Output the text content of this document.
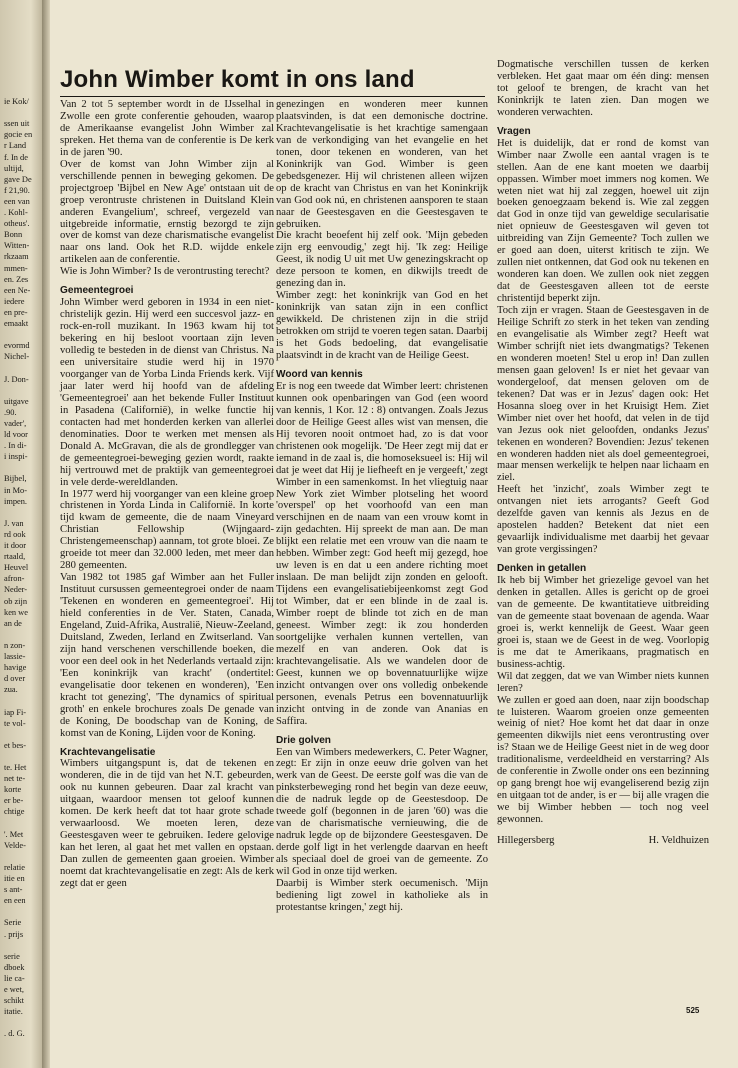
ie Kok/
ssen uit
gocie en
r Land
f. In de
ultijd,
gave De
f 21,90.
een van
. Kohl-
otheus'.
Bonn
Witten-
rkzaam
mmen-
en. Zes
een Ne-
iedere
en pre-
emaakt
evormd
Nichel-
J. Don-
uitgave
.90.
vader',
ld voor
. In di-
i inspi-
Bijbel,
in Mo-
impen.
J. van
rd ook
it door
rtaald,
Heuvel
afron-
Neder-
ob zijn
ken we
an de
n zon-
lassie-
havige
d over
zua.
iap Fi-
te vol-
et bes-
te. Het
net te-
korte
er be-
chtige
'. Met
Velde-
relatie
itie en
s ant-
en een
Serie
. prijs
serie
dboek
lie ca-
e wet,
schikt
itatie.
. d. G.
John Wimber komt in ons land

Van 2 tot 5 september wordt in de IJsselhal in Zwolle een grote conferentie gehouden, waarop de Amerikaanse evangelist John Wimber zal spreken. Het thema van de conferentie is De kerk in de jaren '90.

Over de komst van John Wimber zijn al verschillende pennen in beweging gekomen. De projectgroep 'Bijbel en New Age' ontstaan uit de groep verontruste christenen in Duitsland Klein anderen Evangelium', schreef, vergezeld van uitgebreide informatie, ernstig bezorgd te zijn over de komst van deze charismatische evangelist naar ons land. Ook het R.D. wijdde enkele artikelen aan de conferentie.

Wie is John Wimber? Is de verontrusting terecht?

Gemeentegroei

John Wimber werd geboren in 1934 in een niet-christelijk gezin. Hij werd een succesvol jazz- en rock-en-roll muzikant. In 1963 kwam hij tot bekering en hij besloot voortaan zijn leven volledig te besteden in de dienst van Christus. Na een universitaire studie werd hij in 1970 voorganger van de Yorba Linda Friends kerk. Vijf jaar later werd hij hoofd van de afdeling 'Gemeentegroei' aan het bekende Fuller Instituut in Pasadena (Californië), in welke functie hij contacten had met honderden kerken van allerlei denominaties. Door te werken met mensen als Donald A. McGravan, die als de grondlegger van de gemeentegroei-beweging gezien wordt, raakte hij vertrouwd met de praktijk van gemeentegroei in vele derde-wereldlanden.

In 1977 werd hij voorganger van een kleine groep christenen in Yorda Linda in Californië. In korte tijd kwam de gemeente, die de naam Vineyard Christian Fellowship (Wijngaard-Christengemeenschap) aannam, tot grote bloei. Ze groeide tot meer dan 32.000 leden, met meer dan 280 gemeenten.

Van 1982 tot 1985 gaf Wimber aan het Fuller Instituut cursussen gemeentegroei onder de naam 'Tekenen en wonderen en gemeentegroei'. Hij hield conferenties in de Ver. Staten, Canada, Engeland, Zuid-Afrika, Australië, Nieuw-Zeeland, Duitsland, Zweden, Ierland en Zwitserland. Van zijn hand verschenen verschillende boeken, die voor een deel ook in het Nederlands vertaald zijn: 'Een koninkrijk van kracht' (ondertitel: evangelisatie door tekenen en wonderen), 'Een kracht tot genezing', 'The dynamics of spiritual groth' en enkele brochures zoals De genade van de Koning, De boodschap van de Koning, de komst van de Koning, Lijden voor de Koning.

Krachtevangelisatie

Wimbers uitgangspunt is, dat de tekenen en wonderen, die in de tijd van het N.T. gebeurden, ook nu kunnen gebeuren. Daar zal kracht van uitgaan, waardoor mensen tot geloof kunnen komen. De kerk heeft dat tot haar grote schade verwaarloosd. We moeten leren, deze Geestesgaven weer te gebruiken. Iedere gelovige kan het leren, al gaat het met vallen en opstaan. Dan zullen de gemeenten gaan groeien. Wimber noemt dat krachtevangelisatie en zegt: Als de kerk zegt dat er geen

genezingen en wonderen meer kunnen plaatsvinden, is dat een demonische doctrine. Krachtevangelisatie is het krachtige samengaan van de verkondiging van het evangelie en het tonen, door tekenen en wonderen, van het Koninkrijk van God. Wimber is geen gebedsgenezer. Hij wil christenen alleen wijzen op de kracht van Christus en van het Koninkrijk van God ook nú, en christenen aansporen te staan naar de Geestesgaven en die Geestesgaven te gebruiken.

Die kracht beoefent hij zelf ook. 'Mijn gebeden zijn erg eenvoudig,' zegt hij. 'Ik zeg: Heilige Geest, ik nodig U uit met Uw genezingskracht op deze persoon te komen, en dikwijls treedt de genezing dan in.

Wimber zegt: het koninkrijk van God en het koninkrijk van satan zijn in een conflict gewikkeld. De christenen zijn in die strijd betrokken om strijd te voeren tegen satan. Daarbij is het Gods bedoeling, dat evangelisatie plaatsvindt in de kracht van de Heilige Geest.

Woord van kennis

Er is nog een tweede dat Wimber leert: christenen kunnen ook openbaringen van God (een woord van kennis, 1 Kor. 12 : 8) ontvangen. Zoals Jezus door de Heilige Geest alles wist van mensen, die Hij tevoren nooit ontmoet had, zo is dat voor christenen ook mogelijk. 'De Heer zegt mij dat er iemand in de zaal is, die homoseksueel is: Hij wil dat je weet dat Hij je liefheeft en je vergeeft,' zegt Wimber in een samenkomst. In het vliegtuig naar New York ziet Wimber plotseling het woord 'overspel' op het voorhoofd van een man verschijnen en de naam van een vrouw komt in zijn gedachten. Hij spreekt de man aan. De man blijkt een relatie met een vrouw van die naam te hebben. Wimber zegt: God heeft mij gezegd, hoe uw leven is en dat u een andere richting moet inslaan. De man belijdt zijn zonden en gelooft. Tijdens een evangelisatiebijeenkomst zegt God tot Wimber, dat er een blinde in de zaal is. Wimber roept de blinde tot zich en de man geneest. Wimber zegt: ik zou honderden soortgelijke verhalen kunnen vertellen, van mezelf en van anderen. Ook dat is krachtevangelisatie. Als we wandelen door de Geest, kunnen we op bovennatuurlijke wijze inzicht ontvangen over ons volledig onbekende personen, evenals Petrus een bovennatuurlijk inzicht ontving in de zonde van Ananias en Saffira.

Drie golven

Een van Wimbers medewerkers, C. Peter Wagner, zegt: Er zijn in onze eeuw drie golven van het werk van de Geest. De eerste golf was die van de pinksterbeweging rond het begin van deze eeuw, die de nadruk legde op de Geestesdoop. De tweede golf (begonnen in de jaren '60) was die van de charismatische vernieuwing, die de nadruk legde op de bijzondere Geestesgaven. De derde golf ligt in het verlengde daarvan en heeft als speciaal doel de groei van de gemeente. Zo wil God in onze tijd werken.

Daarbij is Wimber sterk oecumenisch. 'Mijn bediening ligt zowel in katholieke als in protestantse kringen,' zegt hij.

Dogmatische verschillen tussen de kerken verbleken. Het gaat maar om één ding: mensen tot geloof te brengen, de kracht van het Koninkrijk te laten zien. Dan mogen we wonderen verwachten.

Vragen

Het is duidelijk, dat er rond de komst van Wimber naar Zwolle een aantal vragen is te stellen. Aan de ene kant moeten we daarbij oppassen. Wimber moet immers nog komen. We weten niet wat hij zal zeggen, hoewel uit zijn boeken genoegzaam bekend is. Wie zal zeggen dat God in onze tijd van geweldige secularisatie niet opnieuw de Geestesgaven wil geven tot uitbreiding van Zijn Gemeente? Toch zullen we er goed aan doen, uiterst kritisch te zijn. We zullen niet ontkennen, dat God ook nu tekenen en wonderen kan doen. We zullen ook niet zeggen dat de Geestesgaven alleen tot de eerste christentijd beperkt zijn.

Toch zijn er vragen. Staan de Geestesgaven in de Heilige Schrift zo sterk in het teken van zending en evangelisatie als Wimber zegt? Heeft wat Wimber schrijft niet iets dwangmatigs? Tekenen en wonderen moeten! Stel u erop in! Dan zullen mensen gaan geloven! Is er niet het gevaar van wondergeloof, dat mensen geloven om de tekenen? Dat was er in Jezus' dagen ook: Het Hosanna sloeg over in het Kruisigt Hem. Ziet Wimber niet over het hoofd, dat velen in de tijd van Jezus ook niet geloofden, ondanks Jezus' tekenen en wonderen? Bovendien: Jezus' tekenen en wonderen hadden niet als doel gemeentegroei, maar mensen werkelijk te helpen naar lichaam en ziel.

Heeft het 'inzicht', zoals Wimber zegt te ontvangen niet iets arrogants? Geeft God dezelfde gaven van kennis als Jezus en de apostelen hadden? Betekent dat niet een gevaarlijk individualisme met daarbij het gevaar van grote vergissingen?

Denken in getallen

Ik heb bij Wimber het griezelige gevoel van het denken in getallen. Alles is gericht op de groei van de gemeente. De kwantitatieve uitbreiding van de gemeente staat bovenaan de agenda. Waar groei is, werkt kennelijk de Geest. Waar geen groei is, staan we de Geest in de weg. Voorlopig is me dat te Amerikaans, pragmatisch en business-achtig.

Wil dat zeggen, dat we van Wimber niets kunnen leren?

We zullen er goed aan doen, naar zijn boodschap te luisteren. Waarom groeien onze gemeenten weinig of niet? Hoe komt het dat daar in onze gemeenten dikwijls niet eens verontrusting over is? Staan we de Heilige Geest niet in de weg door traditionalisme, verdeeldheid en verstarring? Als de conferentie in Zwolle onder ons een bezinning op gang brengt hoe wij evangeliserend bezig zijn en uitgaan tot de ander, is er — bij alle vragen die we bij Wimber hebben — toch nog veel gewonnen.

Hillegersberg	H. Veldhuizen
525
